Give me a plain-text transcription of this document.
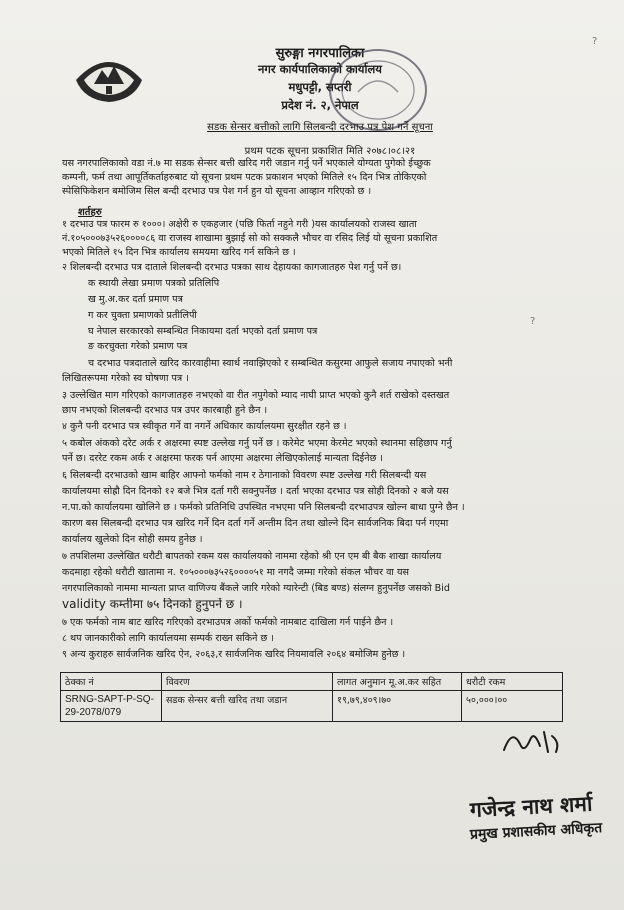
सुरुङ्गा नगरपालिका
नगर कार्यपालिकाको कार्यालय
मधुपट्टी, सप्तरी
प्रदेश नं. २, नेपाल
सडक सेन्सर बत्तीको लागि सिलबन्दी दरभाउ पत्र पेश गर्ने सूचना
प्रथम पटक सूचना प्रकाशित मिति २०७८।०८।२१
यस नगरपालिकाको वडा नं.७ मा सडक सेन्सर बत्ती खरिद गरी जडान गर्नु पर्ने भएकाले योग्यता पुगेको ईच्छुक
कम्पनी, फर्म तथा आपूर्तिकर्ताहरुबाट यो सूचना प्रथम पटक प्रकाशन भएको मितिले १५ दिन भित्र तोकिएको
स्पेसिफिकेशन बमोजिम सिल बन्दी दरभाउ पत्र पेश गर्न हुन यो सूचना आव्हान गरिएको छ ।
शर्तहरु
१ दरभाउ पत्र फारम रु १०००। अक्षेरी रु एकहजार (पछि फिर्ता नहुने गरी )यस कार्यालयको राजस्व खाता
नं.१०५०००७३५२६००००८६ वा राजस्व शाखामा बुझाई सो को सक्कलै भौचर वा रसिद लिई यो सूचना प्रकाशित
भएको मितिले १५ दिन भित्र कार्यालय समयमा खरिद गर्न सकिने छ ।
२ शिलबन्दी दरभाउ पत्र दाताले शिलबन्दी दरभाउ पत्रका साथ देहायका कागजातहरु पेश गर्नु पर्ने छ।
क स्थायी लेखा प्रमाण पत्रको प्रतिलिपि
ख मु.अ.कर दर्ता प्रमाण पत्र
ग कर चुक्ता प्रमाणको प्रतीलिपी
घ नेपाल सरकारको सम्बन्धित निकायमा दर्ता भएको दर्ता प्रमाण पत्र
ङ करचुक्ता गरेको प्रमाण पत्र
च दरभाउ पत्रदाताले खरिद कारवाहीमा स्वार्थ नवाझिएको र सम्बन्धित कसुरमा आफुले सजाय नपाएको भनी
लिखितरूपमा गरेको स्व घोषणा पत्र ।
३ उल्लेखित माग गरिएको कागजातहरु नभएको वा रीत नपुगेको म्याद नाघी प्राप्त भएको कुनै शर्त राखेको दस्तखत
छाप नभएको शिलबन्दी दरभाउ पत्र उपर कारबाही हुने छैन ।
४ कुनै पनी दरभाउ पत्र स्वीकृत गर्ने वा नगर्ने अधिकार कार्यालयमा सुरक्षीत रहने छ ।
५ कबोल अंकको दरेट अर्क र अक्षरमा स्पष्ट उल्लेख गर्नु पर्ने छ । करेमेट भएमा केरमेट भएको स्थानमा सहिछाप गर्नु
पर्ने छ। दररेट रकम अर्क र अक्षरमा फरक पर्न आएमा अक्षरमा लेखिएकोलाई मान्यता दिईनेछ ।
६ सिलबन्दी दरभाउको खाम बाहिर आफ्नो फर्मको नाम र ठेगानाको विवरण स्पष्ट उल्लेख गरी सिलबन्दी यस
कार्यालयमा सोह्रौ दिन दिनको १२ बजे भित्र दर्ता गरी सक्नुपर्नेछ । दर्ता भएका दरभाउ पत्र सोही दिनको २ बजे यस
न.पा.को कार्यालयमा खोलिने छ । फर्मको प्रतिनिधि उपस्थित नभएमा पनि सिलबन्दी दरभाउपत्र खोल्न बाधा पुग्ने छैन ।
कारण बस सिलबन्दी दरभाउ पत्र खरिद गर्ने दिन दर्ता गर्ने अन्तीम दिन तथा खोल्ने दिन सार्वजनिक बिदा पर्न गएमा
कार्यालय खुलेको दिन सोही समय हुनेछ ।
७ तपशिलमा उल्लेखित धरौटी बापतको रकम यस कार्यालयको नाममा रहेको श्री एन एम बी बैक शाखा कार्यालय
कदमाहा रहेको धरौटी खातामा न. १०५०००७३५२६००००५१ मा नगदै जम्मा गरेको संकल भौचर वा यस
नगरपालिकाको नाममा मान्यता प्राप्त वाणिज्य बैंकले जारि गरेको ग्यारेन्टी (बिड बण्ड) संलग्न हुनुपर्नेछ जसको Bid
validity कम्तीमा ७५ दिनको हुनुपर्ने छ ।
७ एक फर्मको नाम बाट खरिद गरिएको दरभाउपत्र अर्को फर्मको नामबाट दाखिला गर्न पाईने छैन ।
८ थप जानकारीको लागि कार्यालयमा सम्पर्क राख्न सकिने छ ।
९ अन्य कुराहरु सार्वजनिक खरिद ऐन, २०६३,र सार्वजनिक खरिद नियमावलि २०६४ बमोजिम हुनेछ ।
ठेक्का नं	विवरण	लागत अनुमान मू.अ.कर सहित	धरौटी रकम
SRNG-SAPT-P-SQ-29-2078/079	सडक सेन्सर बत्ती खरिद तथा जडान	१९,७९,४०९।७०	५०,०००।००
गजेन्द्र नाथ शर्मा
प्रमुख प्रशासकीय अधिकृत
?
?
